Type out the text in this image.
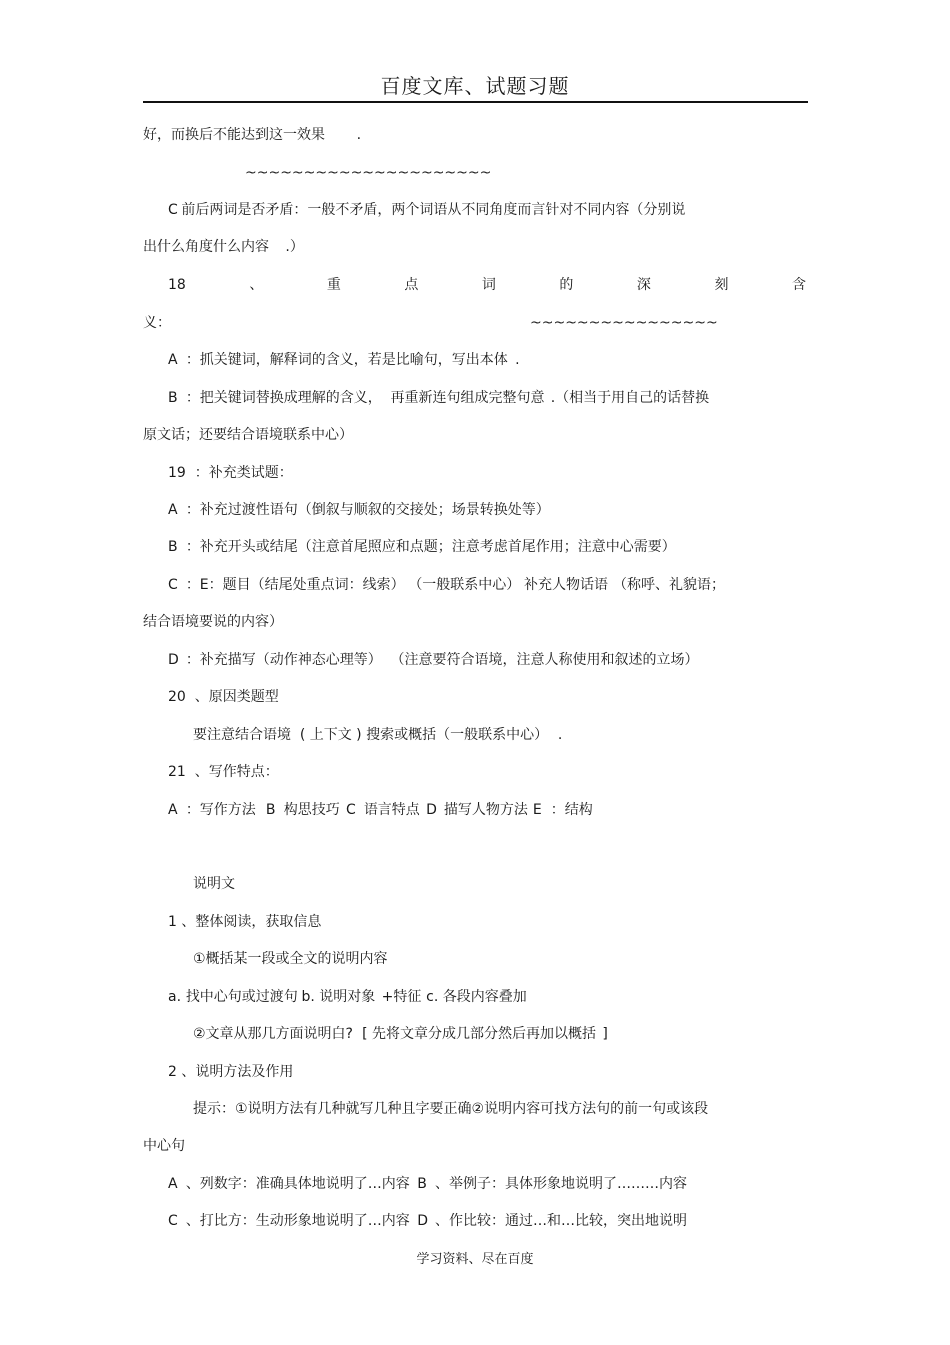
百度文库、试题习题
好，而换后不能达到这一效果	.
~~~~~~~~~~~~~~~~~~~~~
C	前后两词是否矛盾：一般不矛盾，两个词语从不同角度而言针对不同内容（分别说
出什么角度什么内容	.）
18	、	重	点	词	的	深	刻	含
义：	~~~~~~~~~~~~~~~~
A	：抓关键词，解释词的含义，若是比喻句，写出本体	.
B	：把关键词替换成理解的含义，	再重新连句组成完整句意	.（相当于用自己的话替换
原文话；还要结合语境联系中心）
19	：补充类试题：
A	：补充过渡性语句（倒叙与顺叙的交接处；场景转换处等）
B	：补充开头或结尾（注意首尾照应和点题；注意考虑首尾作用；注意中心需要）
C	：E：题目（结尾处重点词：线索）	（一般联系中心）	补充人物话语	（称呼、礼貌语；
结合语境要说的内容）
D	：补充描写（动作神态心理等）	（注意要符合语境，注意人称使用和叙述的立场）
20	、原因类题型
要注意结合语境	( 上下文 ) 搜索或概括（一般联系中心）	.
21	、写作特点：
A	：写作方法	B	构思技巧	C	语言特点	D	描写人物方法	E	：结构
说明文
1	、整体阅读，获取信息
①概括某一段或全文的说明内容
a.	找中心句或过渡句	b. 说明对象	+特征	c. 各段内容叠加
②文章从那几方面说明白?	[ 先将文章分成几部分然后再加以概括	]
2	、说明方法及作用
提示：①说明方法有几种就写几种且字要正确②说明内容可找方法句的前一句或该段
中心句
A	、列数字：准确具体地说明了…内容	B	、举例子：具体形象地说明了………内容
C	、打比方：生动形象地说明了…内容	D	、作比较：通过…和…比较，突出地说明
学习资料、尽在百度
